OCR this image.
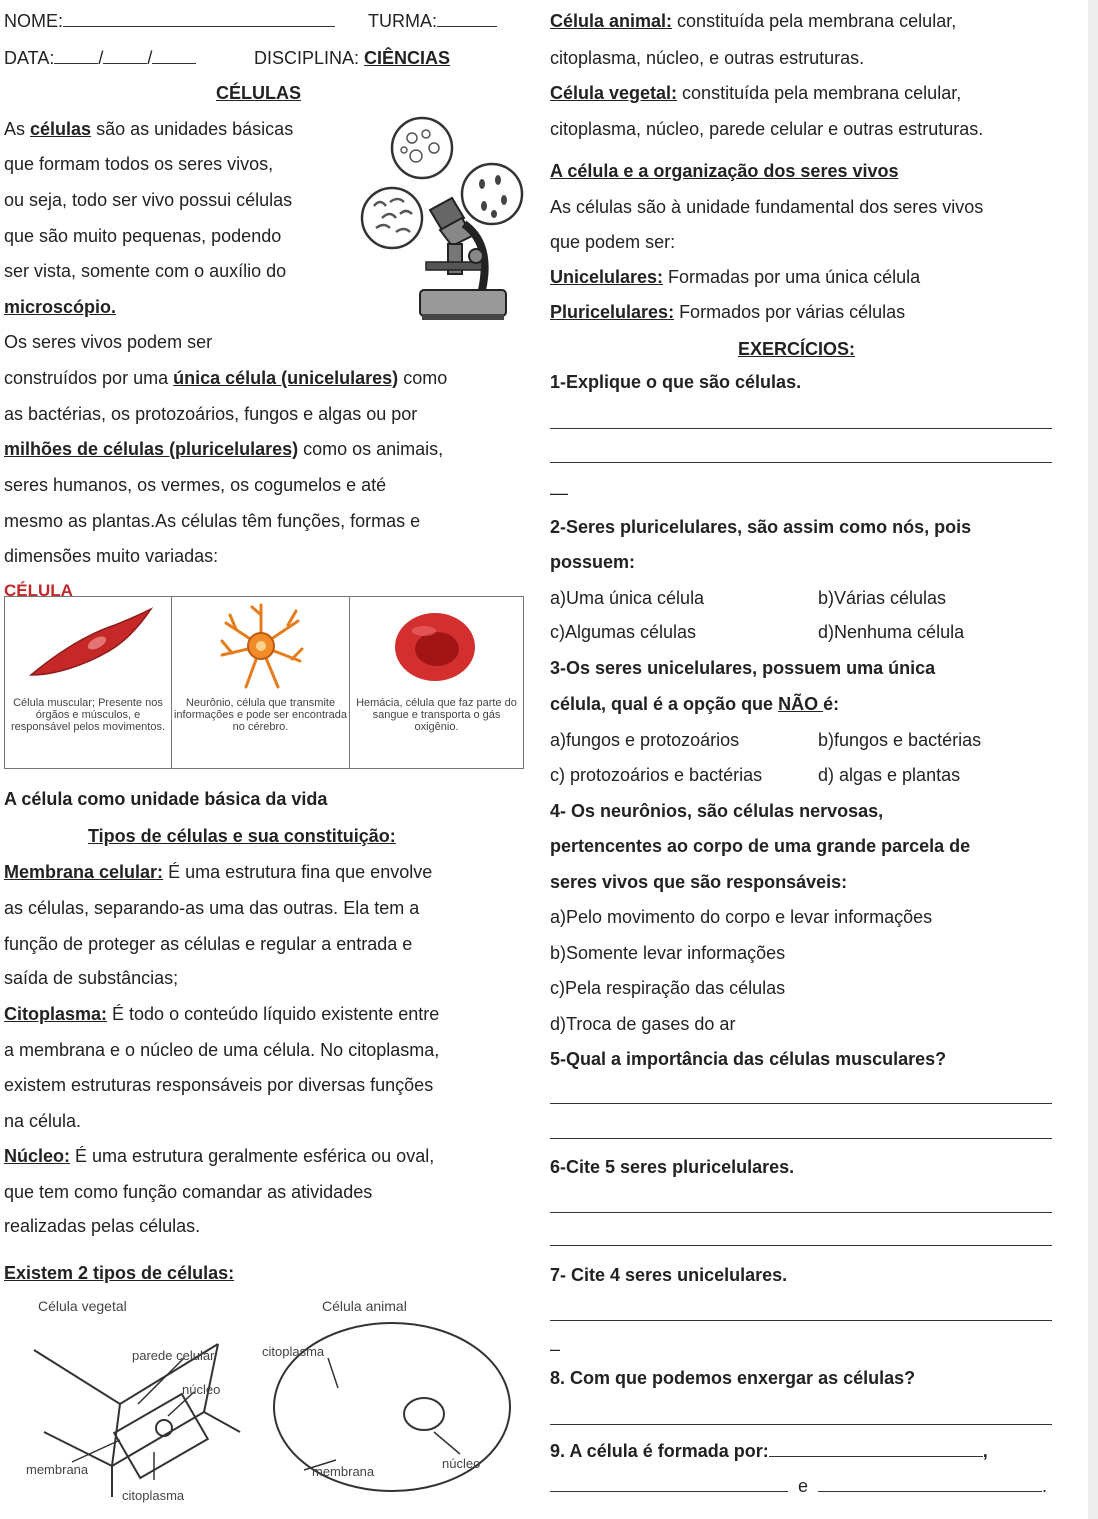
NOME:	TURMA:
DATA: / /	DISCIPLINA: CIÊNCIAS
CÉLULAS
As células são as unidades básicas
que formam todos os seres vivos,
ou seja, todo ser vivo possui células
que são muito pequenas, podendo
ser vista, somente com o auxílio do
microscópio.
Os seres vivos podem ser
construídos por uma única célula (unicelulares) como
as bactérias, os protozoários, fungos e algas ou por
milhões de células (pluricelulares) como os animais,
seres humanos, os vermes, os cogumelos e até
mesmo as plantas.As células têm funções, formas e
dimensões muito variadas:
CÉLULA
Célula muscular; Presente nos órgãos e músculos, e responsável pelos movimentos.
Neurônio, célula que transmite informações e pode ser encontrada no cérebro.
Hemácia, célula que faz parte do sangue e transporta o gás oxigênio.
A célula como unidade básica da vida
Tipos de células e sua constituição:
Membrana celular: É uma estrutura fina que envolve
as células, separando-as uma das outras. Ela tem a
função de proteger as células e regular a entrada e
saída de substâncias;
Citoplasma: É todo o conteúdo líquido existente entre
a membrana e o núcleo de uma célula. No citoplasma,
existem estruturas responsáveis por diversas funções
na célula.
Núcleo: É uma estrutura geralmente esférica ou oval,
que tem como função comandar as atividades
realizadas pelas células.
Existem 2 tipos de células:
Célula vegetal	Célula animal
parede celular
núcleo
membrana
citoplasma
citoplasma
membrana
núcleo
Célula animal: constituída pela membrana celular,
citoplasma, núcleo, e outras estruturas.
Célula vegetal: constituída pela membrana celular,
citoplasma, núcleo, parede celular e outras estruturas.
A célula e a organização dos seres vivos
As células são à unidade fundamental dos seres vivos
que podem ser:
Unicelulares: Formadas por uma única célula
Pluricelulares: Formados por várias células
EXERCÍCIOS:
1-Explique o que são células.
—
2-Seres pluricelulares, são assim como nós, pois
possuem:
a)Uma única célula	b)Várias células
c)Algumas células	d)Nenhuma célula
3-Os seres unicelulares, possuem uma única
célula, qual é a opção que NÃO é:
a)fungos e protozoários	b)fungos e bactérias
c) protozoários e bactérias	d) algas e plantas
4- Os neurônios, são células nervosas,
pertencentes ao corpo de uma grande parcela de
seres vivos que são responsáveis:
a)Pelo movimento do corpo e levar informações
b)Somente levar informações
c)Pela respiração das células
d)Troca de gases do ar
5-Qual a importância das células musculares?
6-Cite 5 seres pluricelulares.
7- Cite 4 seres unicelulares.
–
8. Com que podemos enxergar as células?
9. A célula é formada por:	,
e	.
